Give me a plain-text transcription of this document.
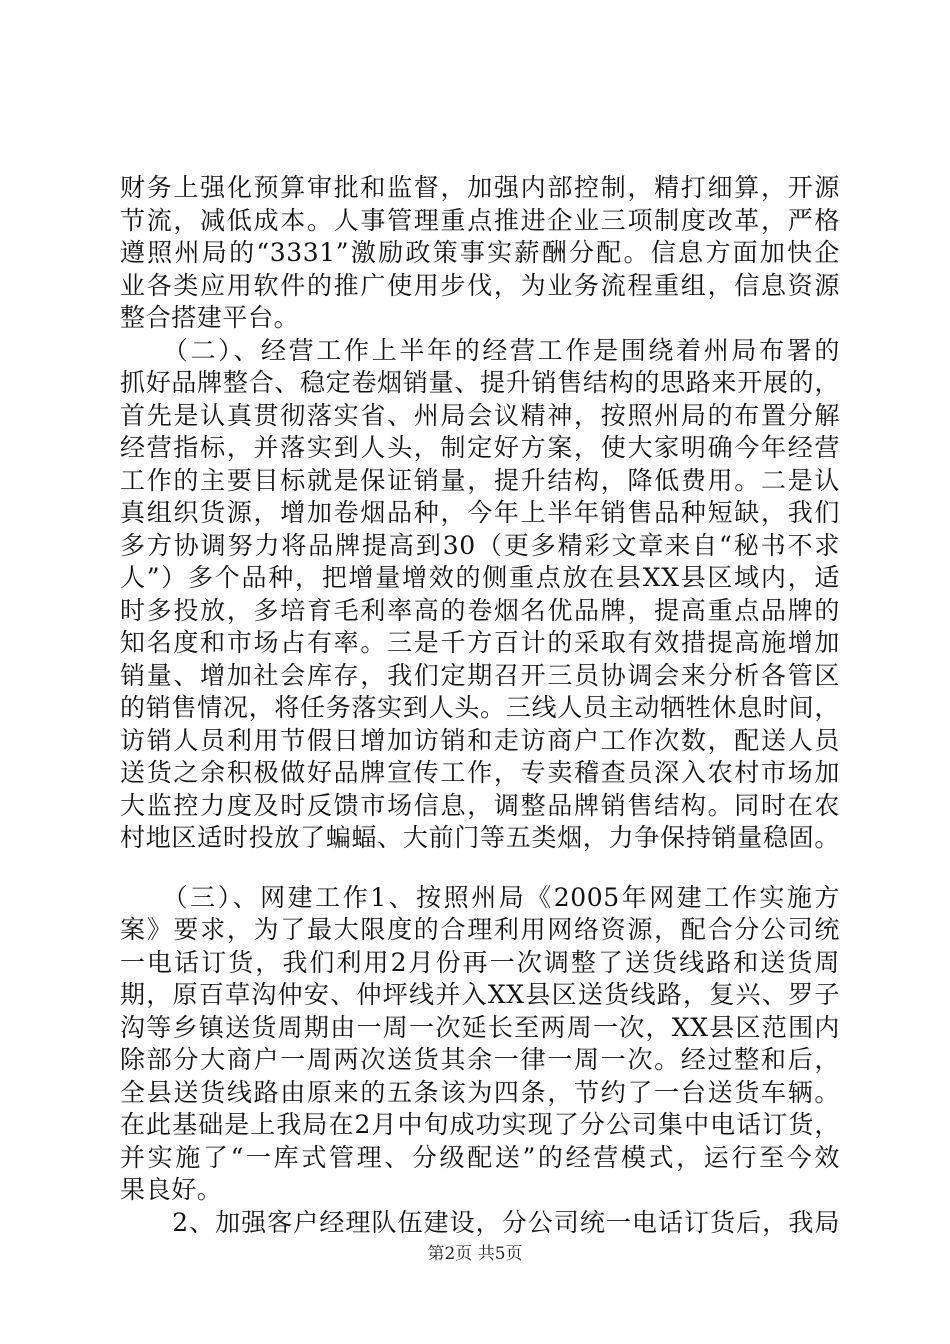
财务上强化预算审批和监督，加强内部控制，精打细算，开源
节流，减低成本。人事管理重点推进企业三项制度改革，严格
遵照州局的“3331”激励政策事实薪酬分配。信息方面加快企
业各类应用软件的推广使用步伐，为业务流程重组，信息资源
整合搭建平台。
　　（二）、经营工作上半年的经营工作是围绕着州局布署的
抓好品牌整合、稳定卷烟销量、提升销售结构的思路来开展的，
首先是认真贯彻落实省、州局会议精神，按照州局的布置分解
经营指标，并落实到人头，制定好方案，使大家明确今年经营
工作的主要目标就是保证销量，提升结构，降低费用。二是认
真组织货源，增加卷烟品种，今年上半年销售品种短缺，我们
多方协调努力将品牌提高到30（更多精彩文章来自“秘书不求
人”）多个品种，把增量增效的侧重点放在县XX县区域内，适
时多投放，多培育毛利率高的卷烟名优品牌，提高重点品牌的
知名度和市场占有率。三是千方百计的采取有效措提高施增加
销量、增加社会库存，我们定期召开三员协调会来分析各管区
的销售情况，将任务落实到人头。三线人员主动牺牲休息时间，
访销人员利用节假日增加访销和走访商户工作次数，配送人员
送货之余积极做好品牌宣传工作，专卖稽查员深入农村市场加
大监控力度及时反馈市场信息，调整品牌销售结构。同时在农
村地区适时投放了蝙蝠、大前门等五类烟，力争保持销量稳固。
　　（三）、网建工作1、按照州局《2005年网建工作实施方
案》要求，为了最大限度的合理利用网络资源，配合分公司统
一电话订货，我们利用2月份再一次调整了送货线路和送货周
期，原百草沟仲安、仲坪线并入XX县区送货线路，复兴、罗子
沟等乡镇送货周期由一周一次延长至两周一次，XX县区范围内
除部分大商户一周两次送货其余一律一周一次。经过整和后，
全县送货线路由原来的五条该为四条，节约了一台送货车辆。
在此基础是上我局在2月中旬成功实现了分公司集中电话订货，
并实施了“一库式管理、分级配送”的经营模式，运行至今效
果良好。
　　2、加强客户经理队伍建设，分公司统一电话订货后，我局
第2页 共5页
